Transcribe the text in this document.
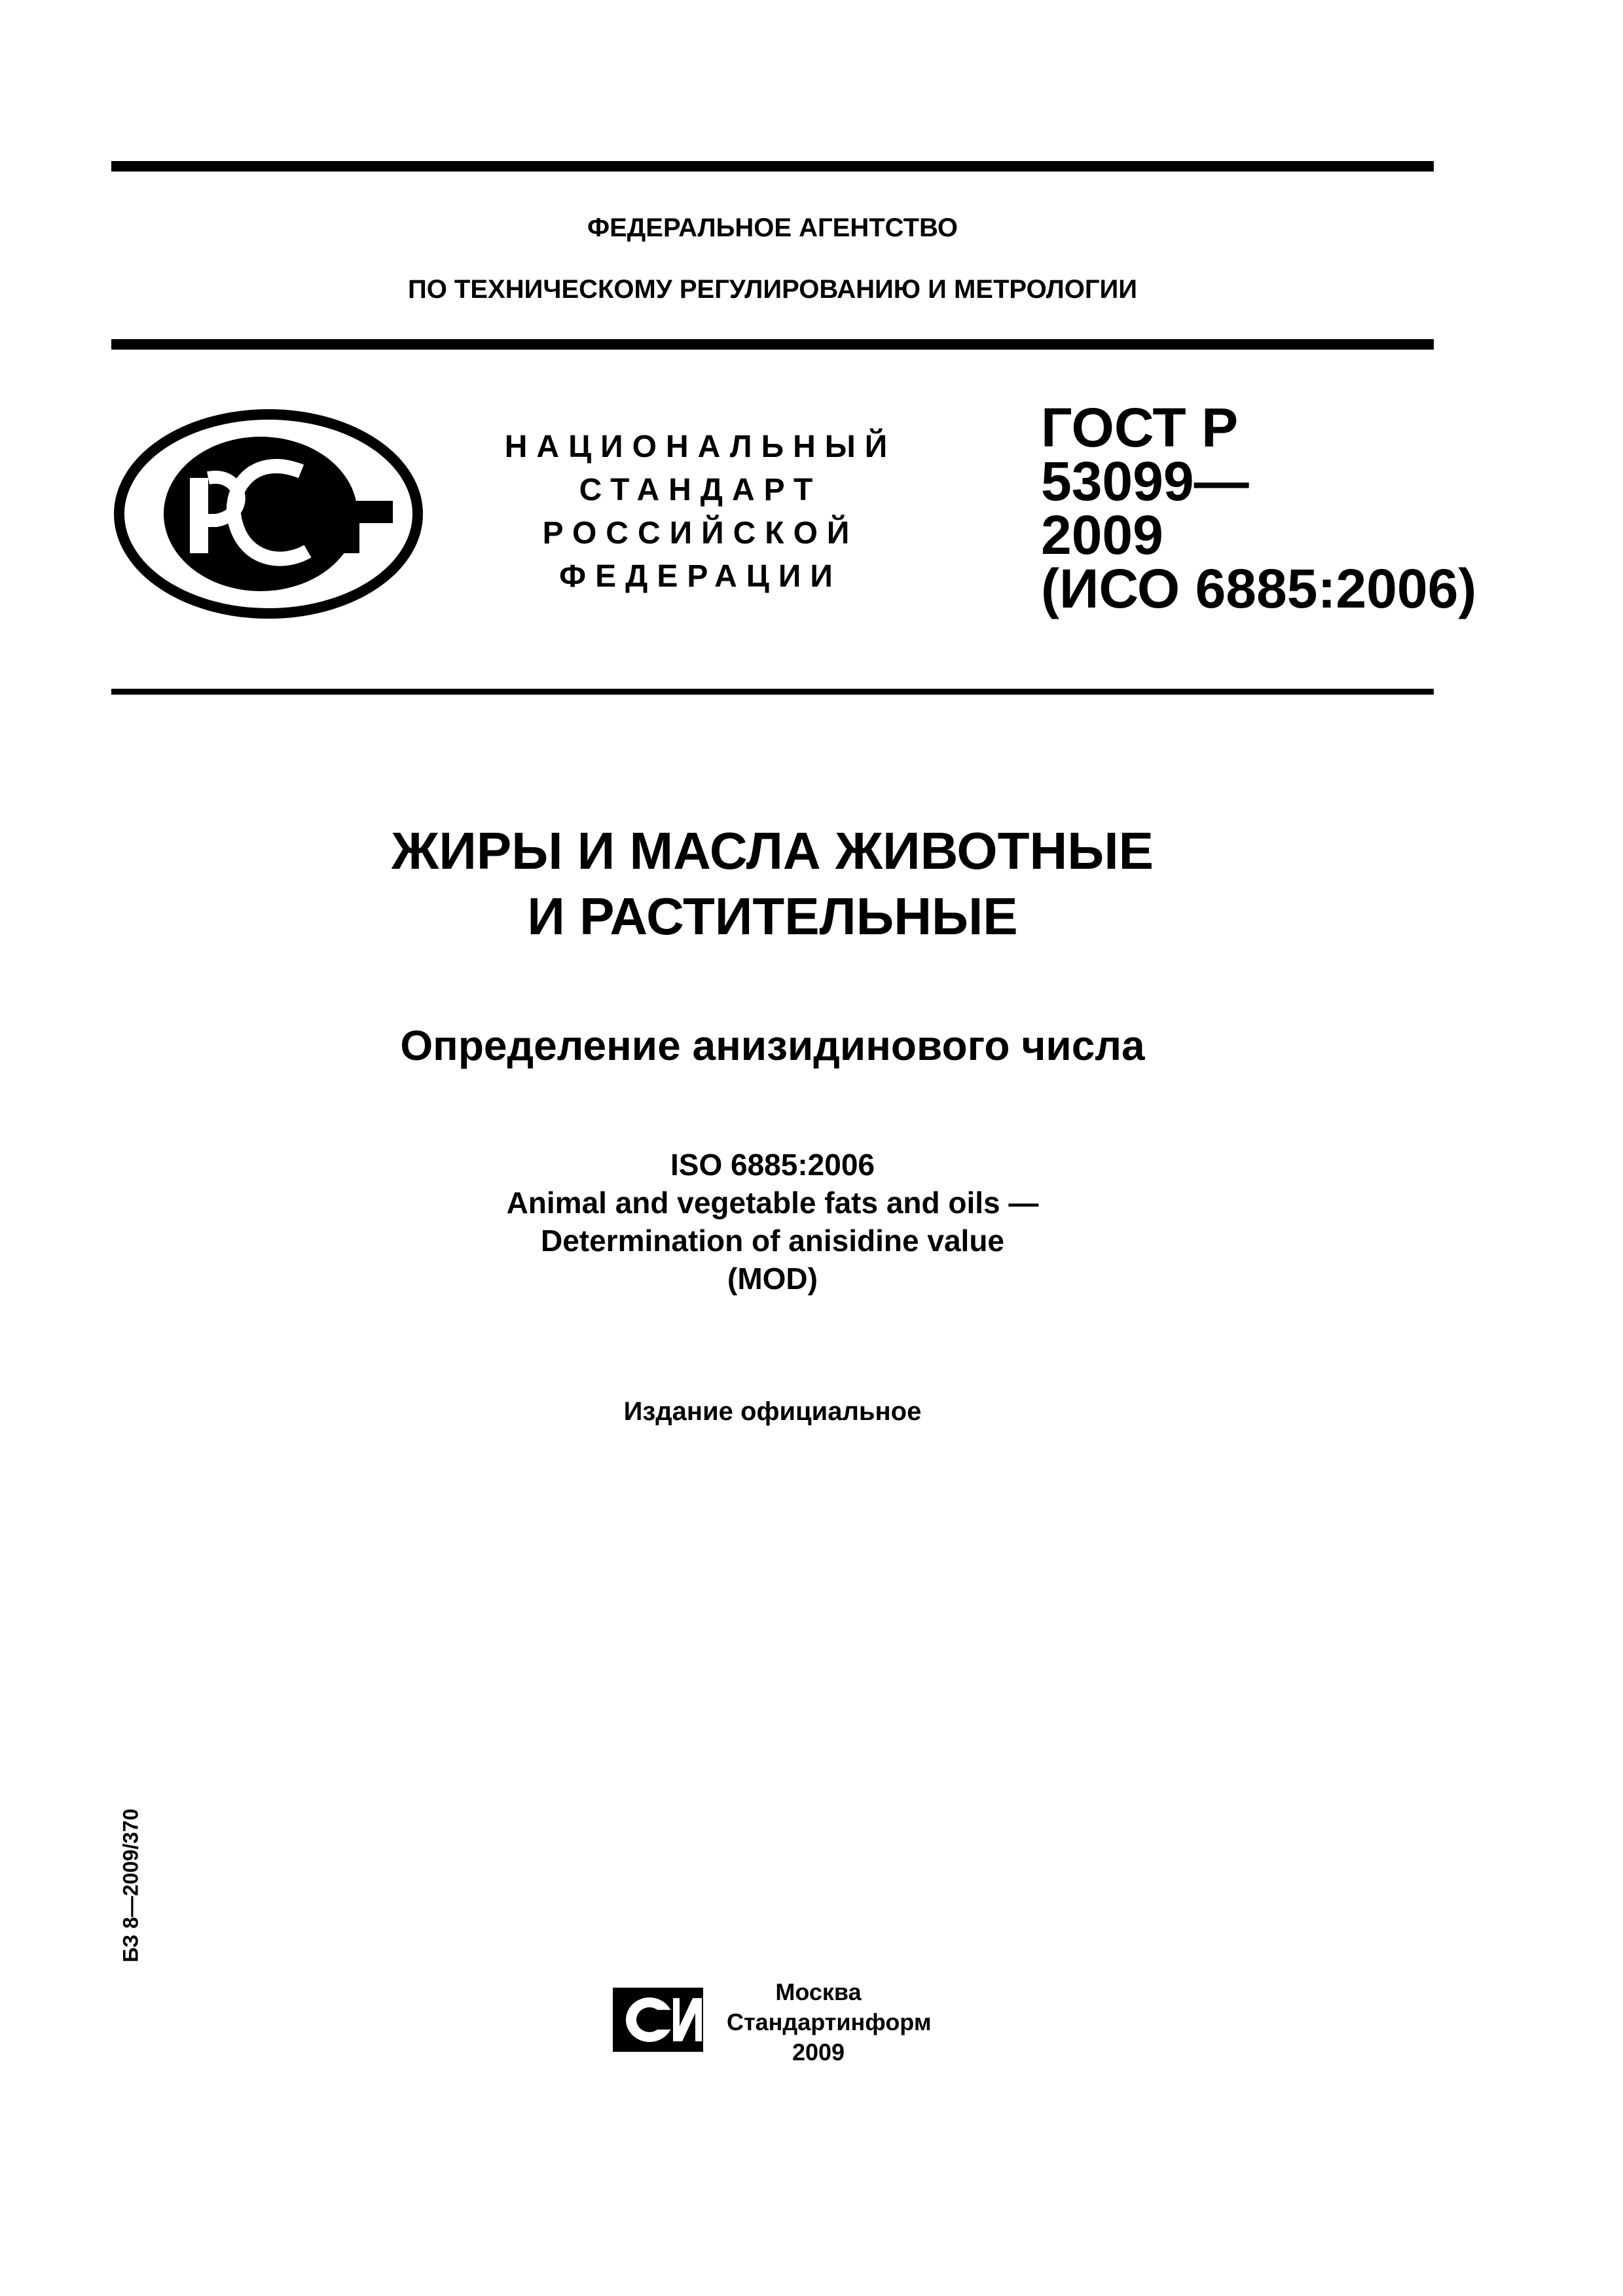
ФЕДЕРАЛЬНОЕ АГЕНТСТВО
ПО ТЕХНИЧЕСКОМУ РЕГУЛИРОВАНИЮ И МЕТРОЛОГИИ
НАЦИОНАЛЬНЫЙ
СТАНДАРТ
РОССИЙСКОЙ
ФЕДЕРАЦИИ
ГОСТ Р
53099—
2009
(ИСО 6885:2006)
ЖИРЫ И МАСЛА ЖИВОТНЫЕ
И РАСТИТЕЛЬНЫЕ
Определение анизидинового числа
ISO 6885:2006
Animal and vegetable fats and oils —
Determination of anisidine value
(MOD)
Издание официальное
БЗ 8—2009/370
Москва
Стандартинформ
2009
